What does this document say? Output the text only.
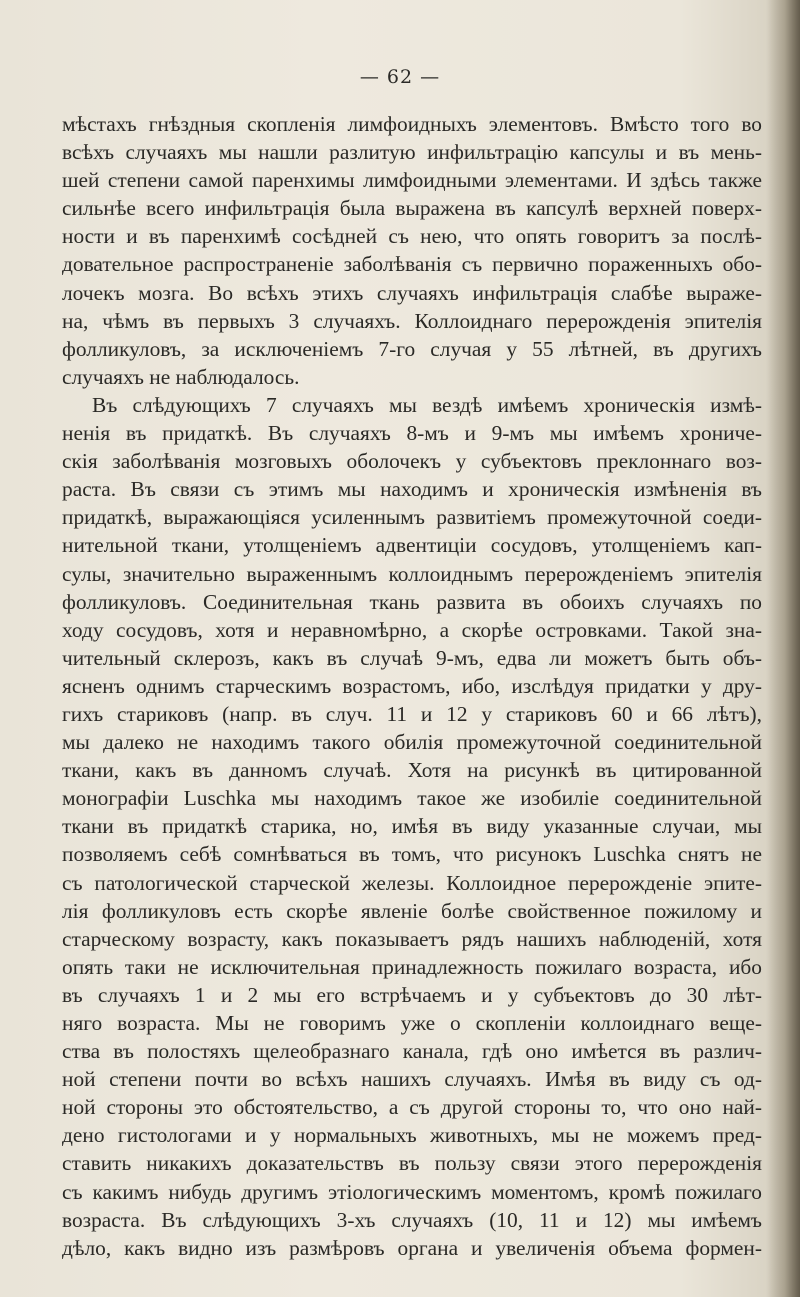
— 62 —
мѣстахъ гнѣздныя скопленія лимфоидныхъ элементовъ. Вмѣсто того во
всѣхъ случаяхъ мы нашли разлитую инфильтрацію капсулы и въ мень-
шей степени самой паренхимы лимфоидными элементами. И здѣсь также
сильнѣе всего инфильтрація была выражена въ капсулѣ верхней поверх-
ности и въ паренхимѣ сосѣдней съ нею, что опять говоритъ за послѣ-
довательное распространеніе заболѣванія съ первично пораженныхъ обо-
лочекъ мозга. Во всѣхъ этихъ случаяхъ инфильтрація слабѣе выраже-
на, чѣмъ въ первыхъ 3 случаяхъ. Коллоиднаго перерожденія эпителія
фолликуловъ, за исключеніемъ 7-го случая у 55 лѣтней, въ другихъ
случаяхъ не наблюдалось.
Въ слѣдующихъ 7 случаяхъ мы вездѣ имѣемъ хроническія измѣ-
ненія въ придаткѣ. Въ случаяхъ 8-мъ и 9-мъ мы имѣемъ хрониче-
скія заболѣванія мозговыхъ оболочекъ у субъектовъ преклоннаго воз-
раста. Въ связи съ этимъ мы находимъ и хроническія измѣненія въ
придаткѣ, выражающіяся усиленнымъ развитіемъ промежуточной соеди-
нительной ткани, утолщеніемъ адвентиціи сосудовъ, утолщеніемъ кап-
сулы, значительно выраженнымъ коллоиднымъ перерожденіемъ эпителія
фолликуловъ. Соединительная ткань развита въ обоихъ случаяхъ по
ходу сосудовъ, хотя и неравномѣрно, а скорѣе островками. Такой зна-
чительный склерозъ, какъ въ случаѣ 9-мъ, едва ли можетъ быть объ-
ясненъ однимъ старческимъ возрастомъ, ибо, изслѣдуя придатки у дру-
гихъ стариковъ (напр. въ случ. 11 и 12 у стариковъ 60 и 66 лѣтъ),
мы далеко не находимъ такого обилія промежуточной соединительной
ткани, какъ въ данномъ случаѣ. Хотя на рисункѣ въ цитированной
монографіи Luschka мы находимъ такое же изобиліе соединительной
ткани въ придаткѣ старика, но, имѣя въ виду указанные случаи, мы
позволяемъ себѣ сомнѣваться въ томъ, что рисунокъ Luschka снятъ не
съ патологической старческой железы. Коллоидное перерожденіе эпите-
лія фолликуловъ есть скорѣе явленіе болѣе свойственное пожилому и
старческому возрасту, какъ показываетъ рядъ нашихъ наблюденій, хотя
опять таки не исключительная принадлежность пожилаго возраста, ибо
въ случаяхъ 1 и 2 мы его встрѣчаемъ и у субъектовъ до 30 лѣт-
няго возраста. Мы не говоримъ уже о скопленіи коллоиднаго веще-
ства въ полостяхъ щелеобразнаго канала, гдѣ оно имѣется въ различ-
ной степени почти во всѣхъ нашихъ случаяхъ. Имѣя въ виду съ од-
ной стороны это обстоятельство, а съ другой стороны то, что оно най-
дено гистологами и у нормальныхъ животныхъ, мы не можемъ пред-
ставить никакихъ доказательствъ въ пользу связи этого перерожденія
съ какимъ нибудь другимъ этіологическимъ моментомъ, кромѣ пожилаго
возраста. Въ слѣдующихъ 3-хъ случаяхъ (10, 11 и 12) мы имѣемъ
дѣло, какъ видно изъ размѣровъ органа и увеличенія объема формен-
